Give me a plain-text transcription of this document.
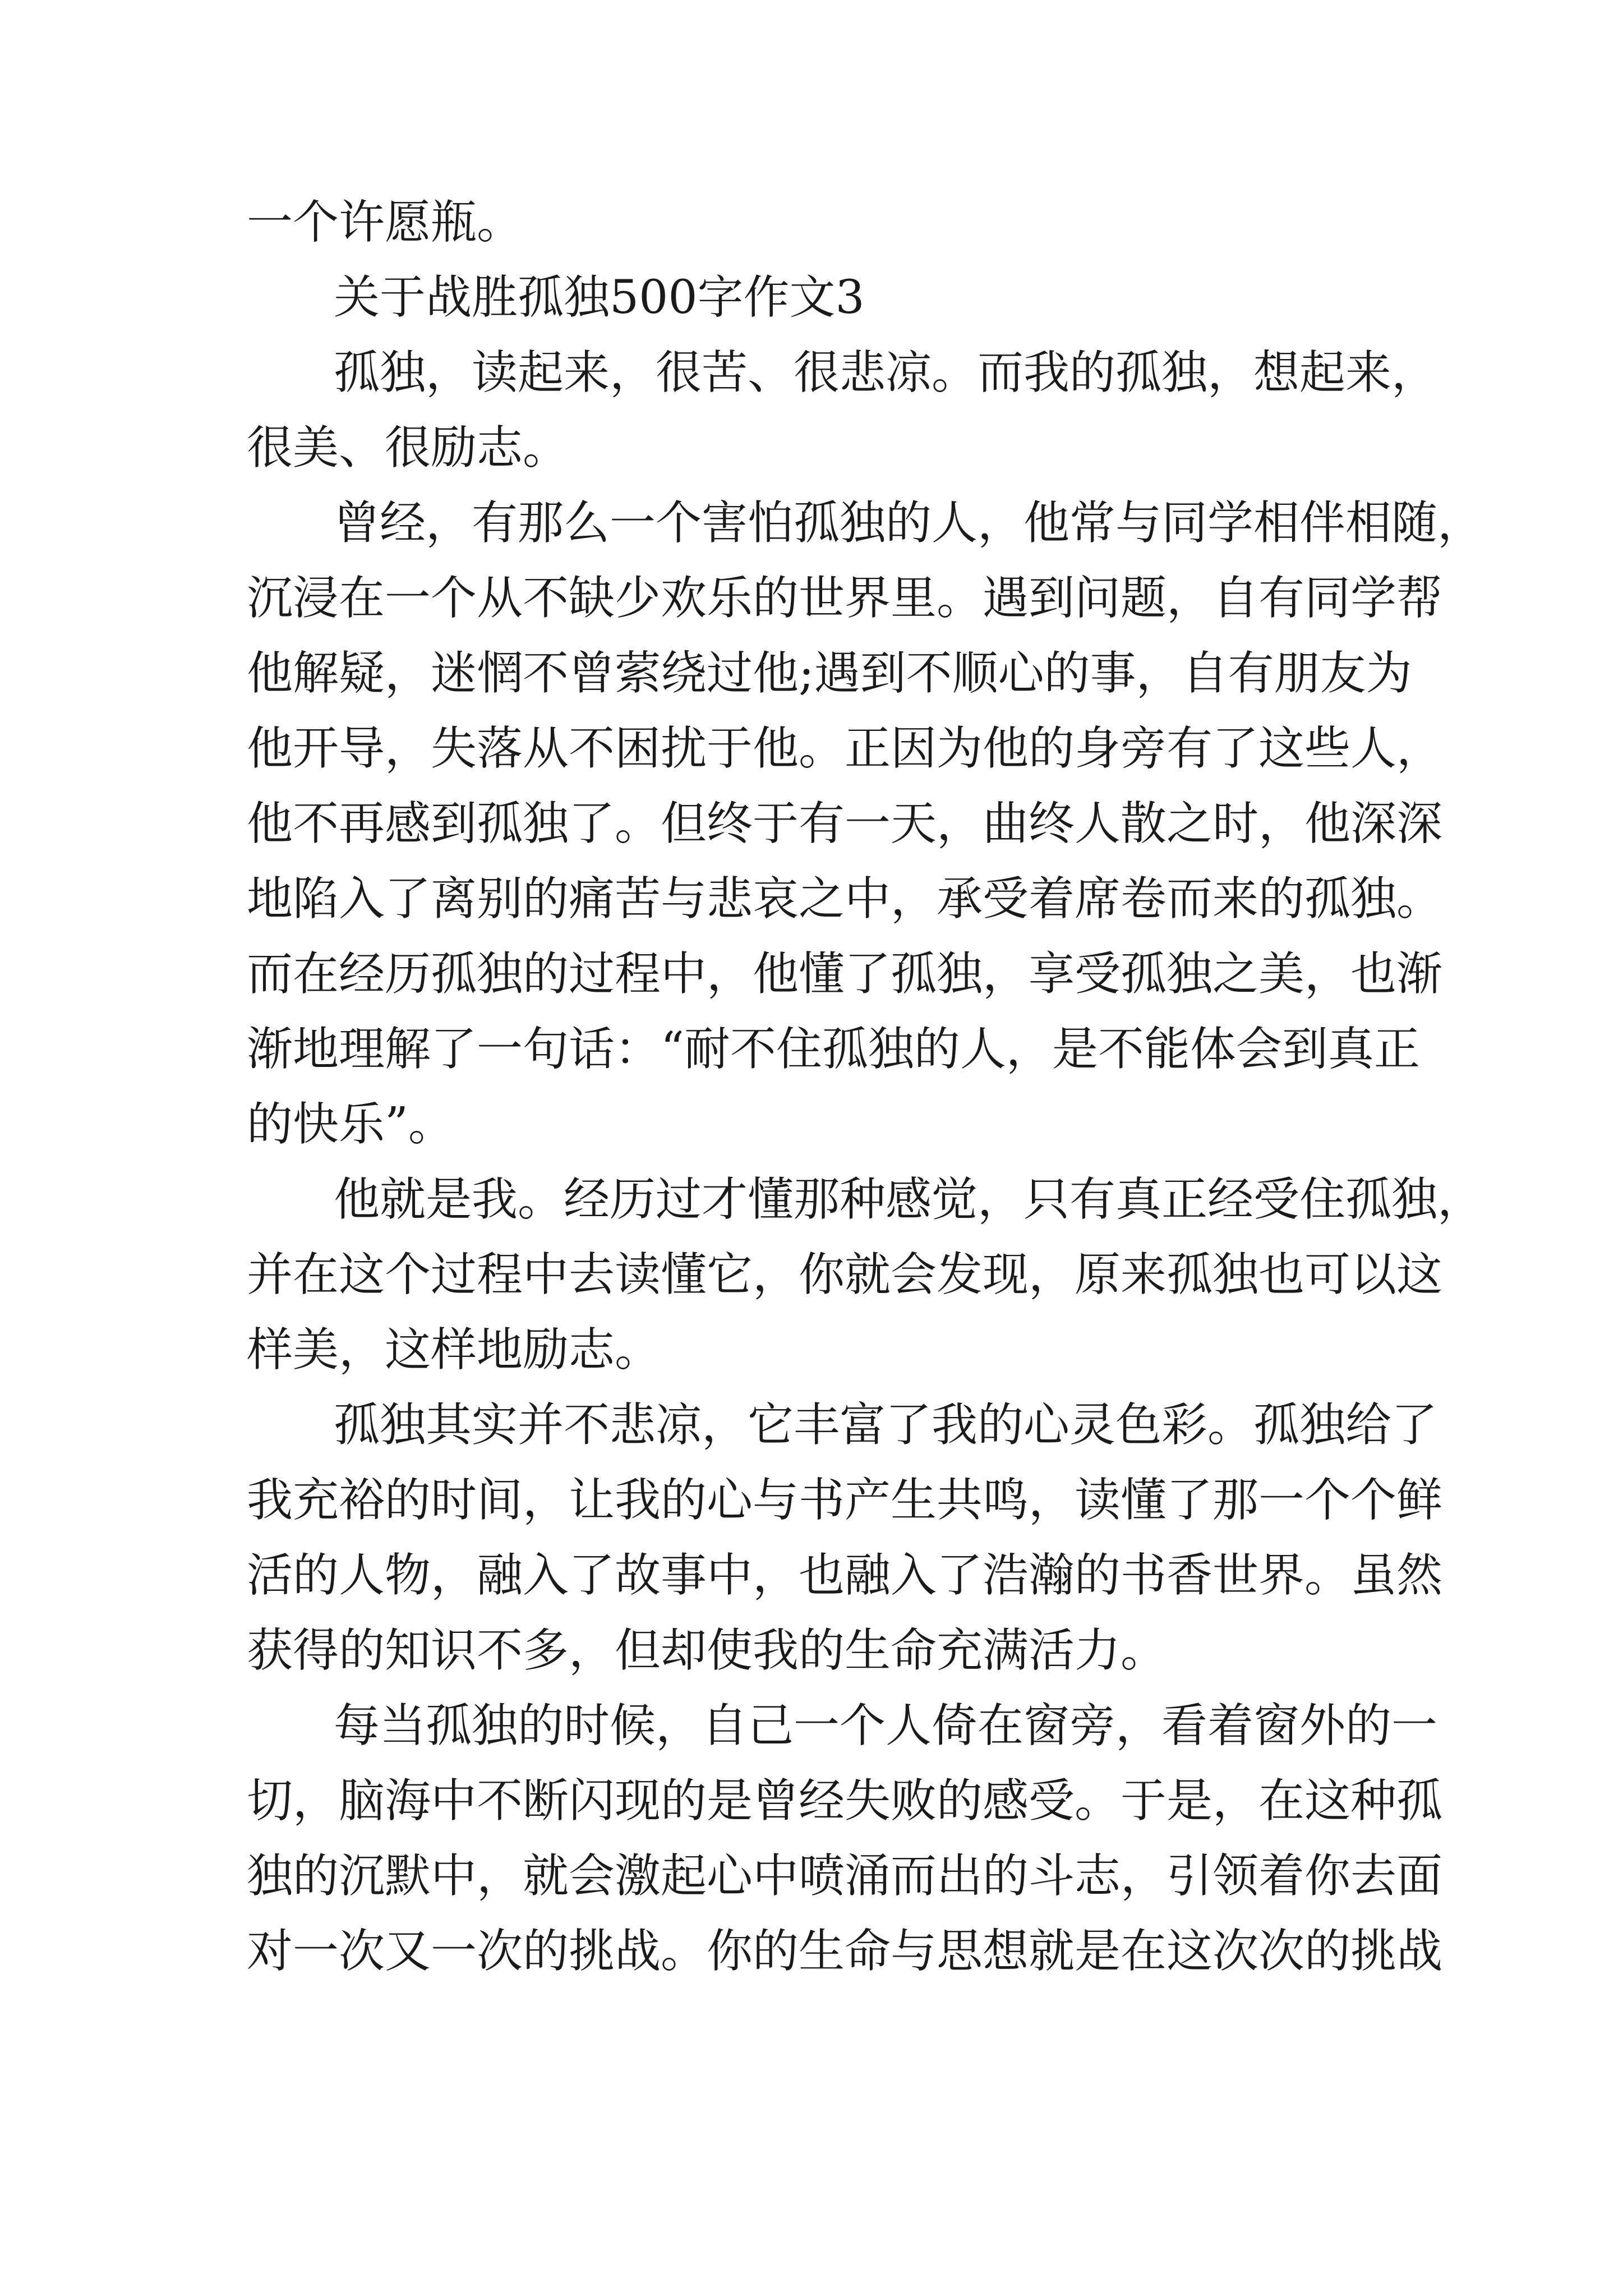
一个许愿瓶。
关于战胜孤独500字作文3
孤独，读起来，很苦、很悲凉。而我的孤独，想起来，
很美、很励志。
曾经，有那么一个害怕孤独的人，他常与同学相伴相随，
沉浸在一个从不缺少欢乐的世界里。遇到问题，自有同学帮
他解疑，迷惘不曾萦绕过他;遇到不顺心的事，自有朋友为
他开导，失落从不困扰于他。正因为他的身旁有了这些人，
他不再感到孤独了。但终于有一天，曲终人散之时，他深深
地陷入了离别的痛苦与悲哀之中，承受着席卷而来的孤独。
而在经历孤独的过程中，他懂了孤独，享受孤独之美，也渐
渐地理解了一句话：“耐不住孤独的人，是不能体会到真正
的快乐”。
他就是我。经历过才懂那种感觉，只有真正经受住孤独，
并在这个过程中去读懂它，你就会发现，原来孤独也可以这
样美，这样地励志。
孤独其实并不悲凉，它丰富了我的心灵色彩。孤独给了
我充裕的时间，让我的心与书产生共鸣，读懂了那一个个鲜
活的人物，融入了故事中，也融入了浩瀚的书香世界。虽然
获得的知识不多，但却使我的生命充满活力。
每当孤独的时候，自己一个人倚在窗旁，看着窗外的一
切，脑海中不断闪现的是曾经失败的感受。于是，在这种孤
独的沉默中，就会激起心中喷涌而出的斗志，引领着你去面
对一次又一次的挑战。你的生命与思想就是在这次次的挑战
